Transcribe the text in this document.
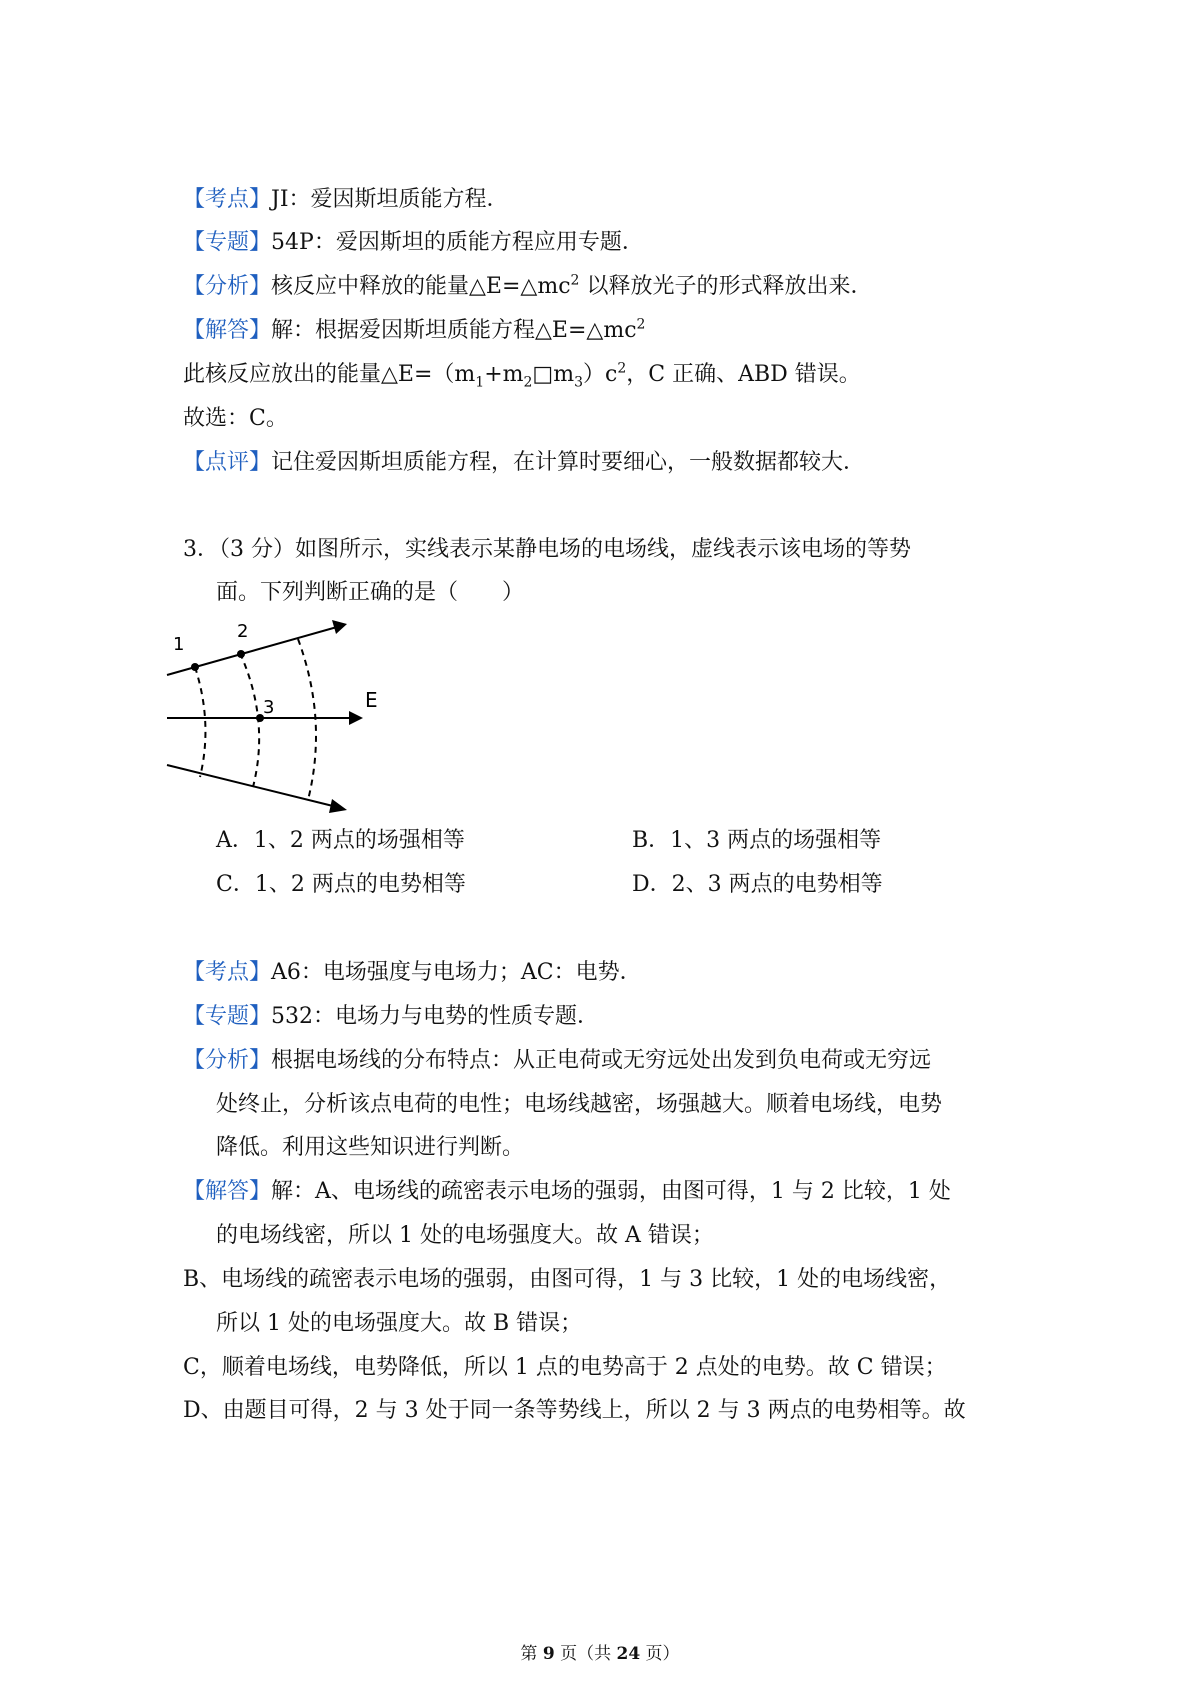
【考点】JI：爱因斯坦质能方程．
【专题】54P：爱因斯坦的质能方程应用专题．
【分析】核反应中释放的能量$\triangle E=\triangle mc^2$ 以释放光子的形式释放出来．
【解答】解：根据爱因斯坦质能方程$\triangle E=\triangle mc^2$
此核反应放出的能量$\triangle E=(m_1+m_2□m_3)c^2$，C 正确、ABD 错误。
故选：C。
【点评】记住爱因斯坦质能方程，在计算时要细心，一般数据都较大．
3．（3 分）如图所示，实线表示某静电场的电场线，虚线表示该电场的等势
面。下列判断正确的是（　　）
1
2
3	E
A．1、2 两点的场强相等	B．1、3 两点的场强相等
C．1、2 两点的电势相等	D．2、3 两点的电势相等
【考点】A6：电场强度与电场力；AC：电势．
【专题】532：电场力与电势的性质专题．
【分析】根据电场线的分布特点：从正电荷或无穷远处出发到负电荷或无穷远
处终止，分析该点电荷的电性；电场线越密，场强越大。顺着电场线，电势
降低。利用这些知识进行判断。
【解答】解：A、电场线的疏密表示电场的强弱，由图可得，1 与 2 比较，1 处
的电场线密，所以 1 处的电场强度大。故 A 错误；
B、电场线的疏密表示电场的强弱，由图可得，1 与 3 比较，1 处的电场线密，
所以 1 处的电场强度大。故 B 错误；
C，顺着电场线，电势降低，所以 1 点的电势高于 2 点处的电势。故 C 错误；
D、由题目可得，2 与 3 处于同一条等势线上，所以 2 与 3 两点的电势相等。故
第 9 页（共 24 页）
